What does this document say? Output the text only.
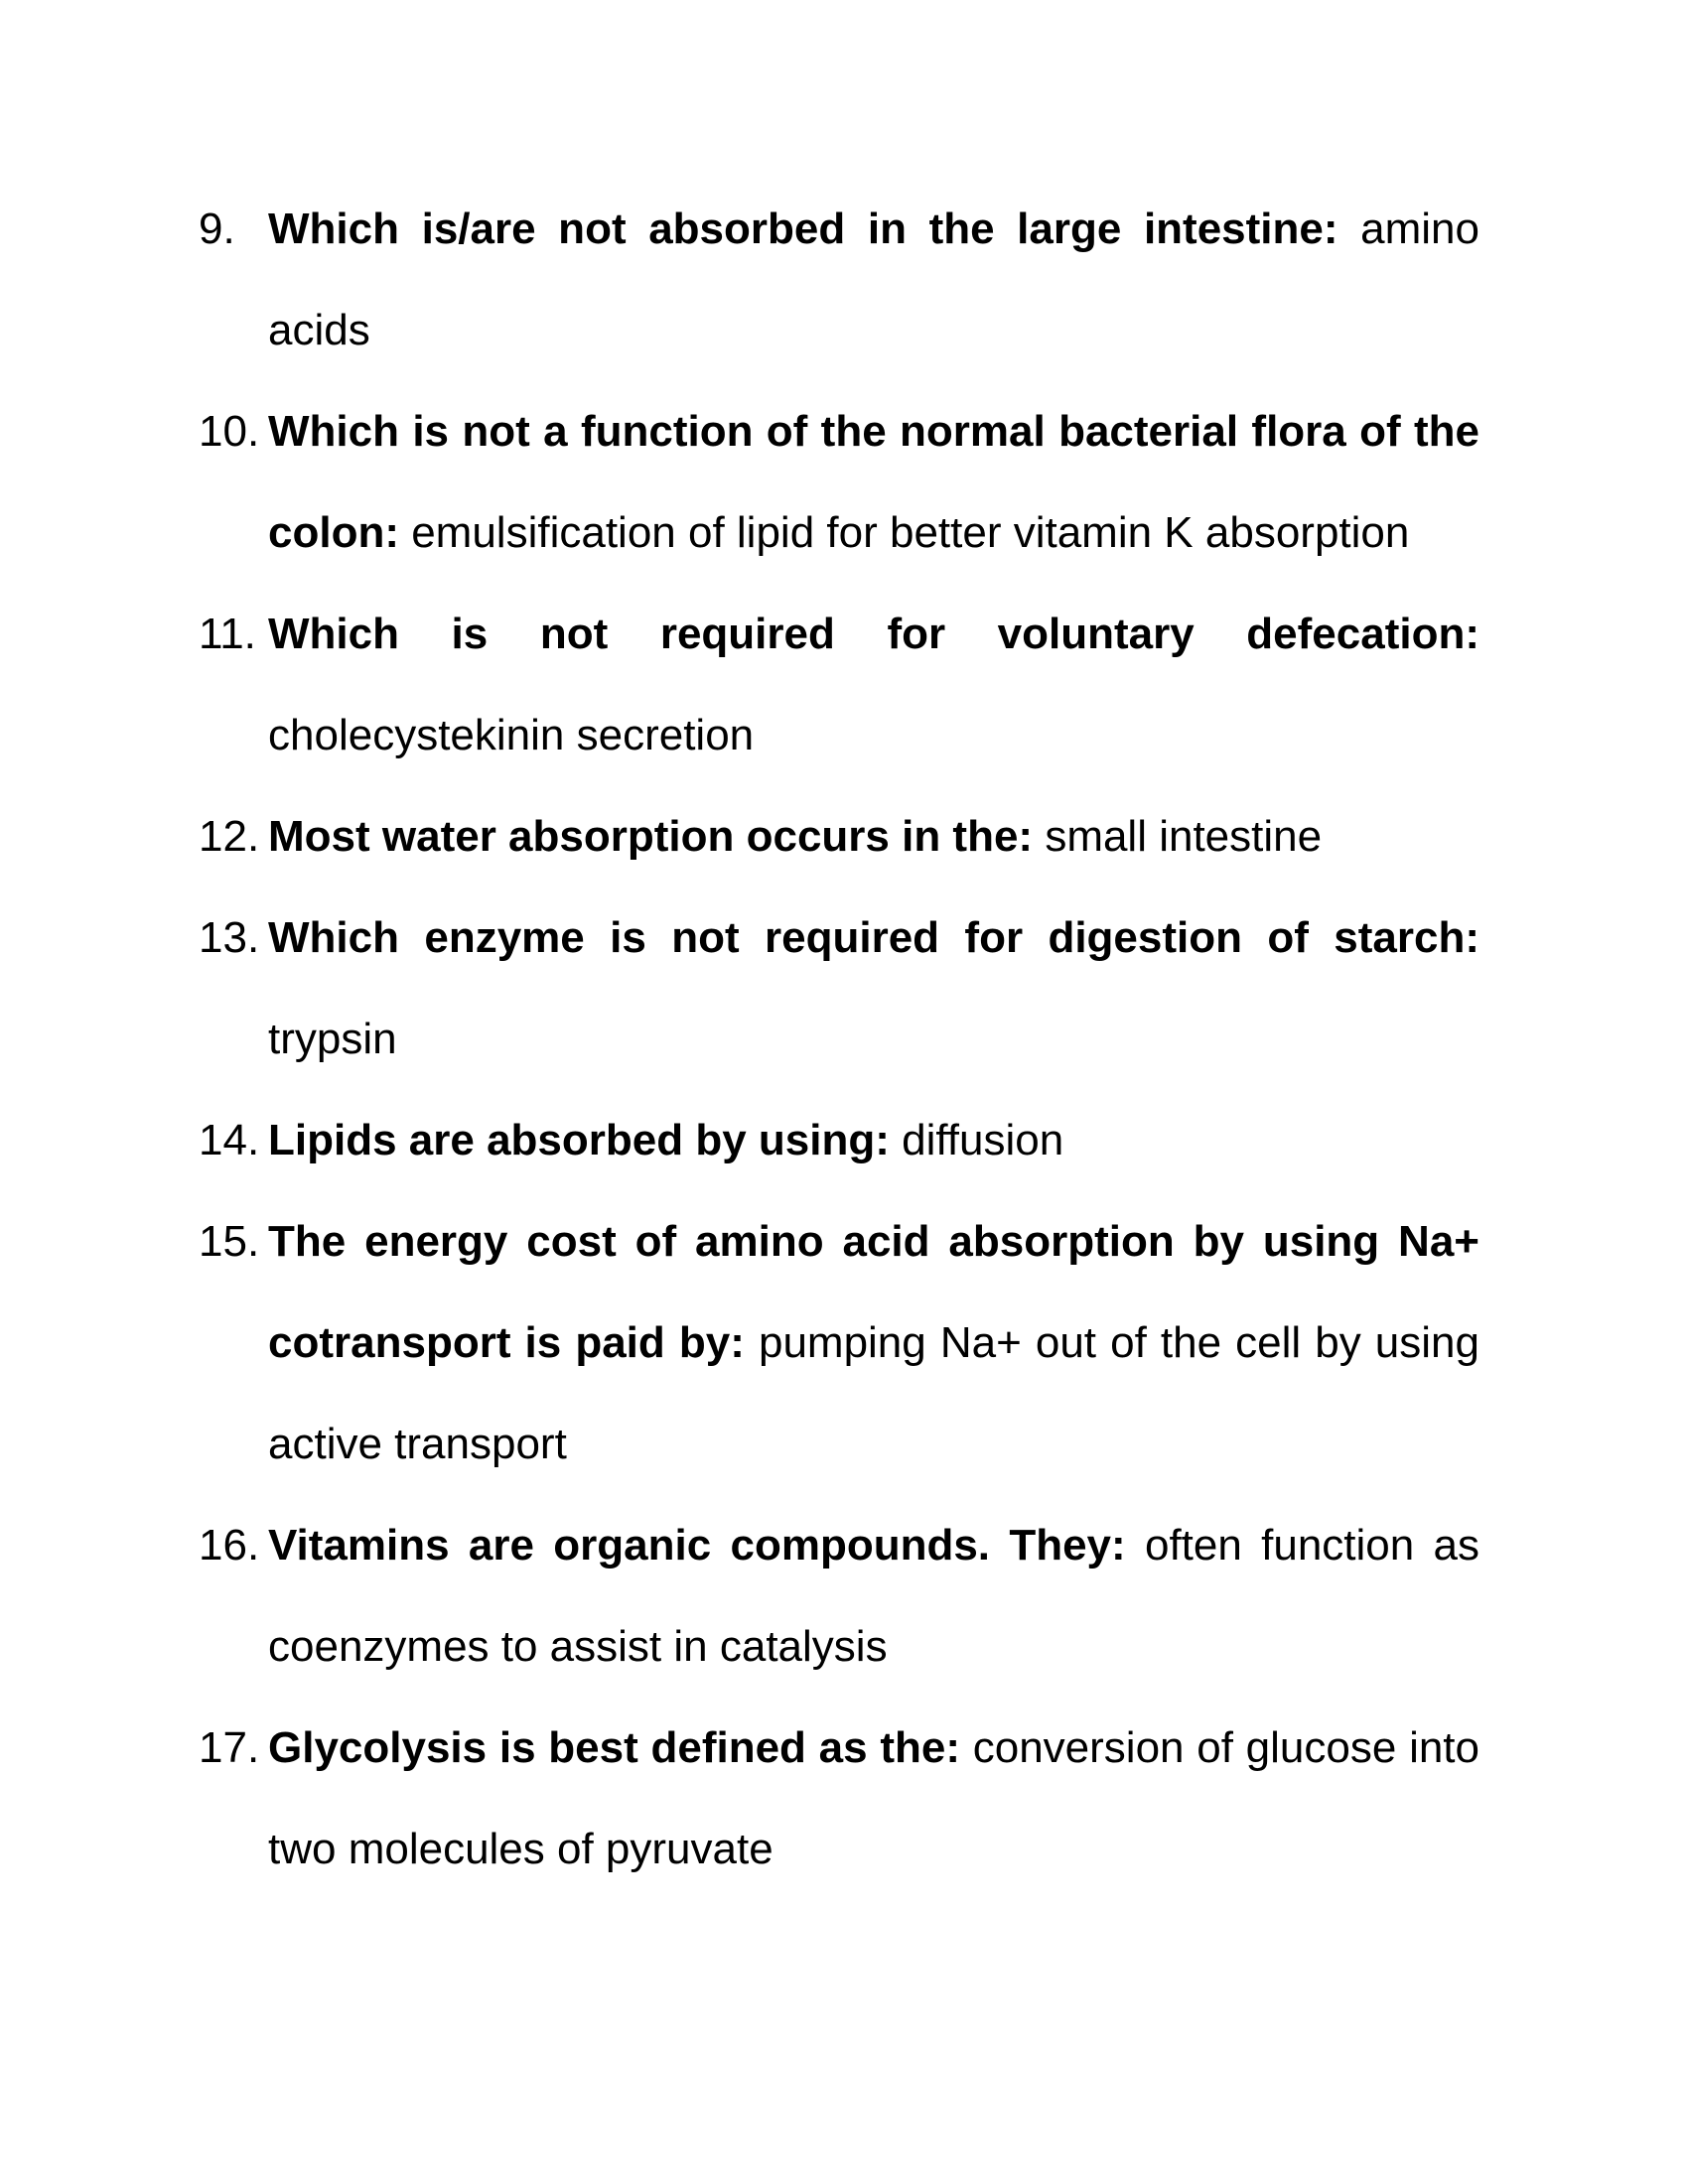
9. Which is/are not absorbed in the large intestine: amino acids
10. Which is not a function of the normal bacterial flora of the colon: emulsification of lipid for better vitamin K absorption
11. Which is not required for voluntary defecation: cholecystekinin secretion
12. Most water absorption occurs in the: small intestine
13. Which enzyme is not required for digestion of starch: trypsin
14. Lipids are absorbed by using: diffusion
15. The energy cost of amino acid absorption by using Na+ cotransport is paid by: pumping Na+ out of the cell by using active transport
16. Vitamins are organic compounds. They: often function as coenzymes to assist in catalysis
17. Glycolysis is best defined as the: conversion of glucose into two molecules of pyruvate
